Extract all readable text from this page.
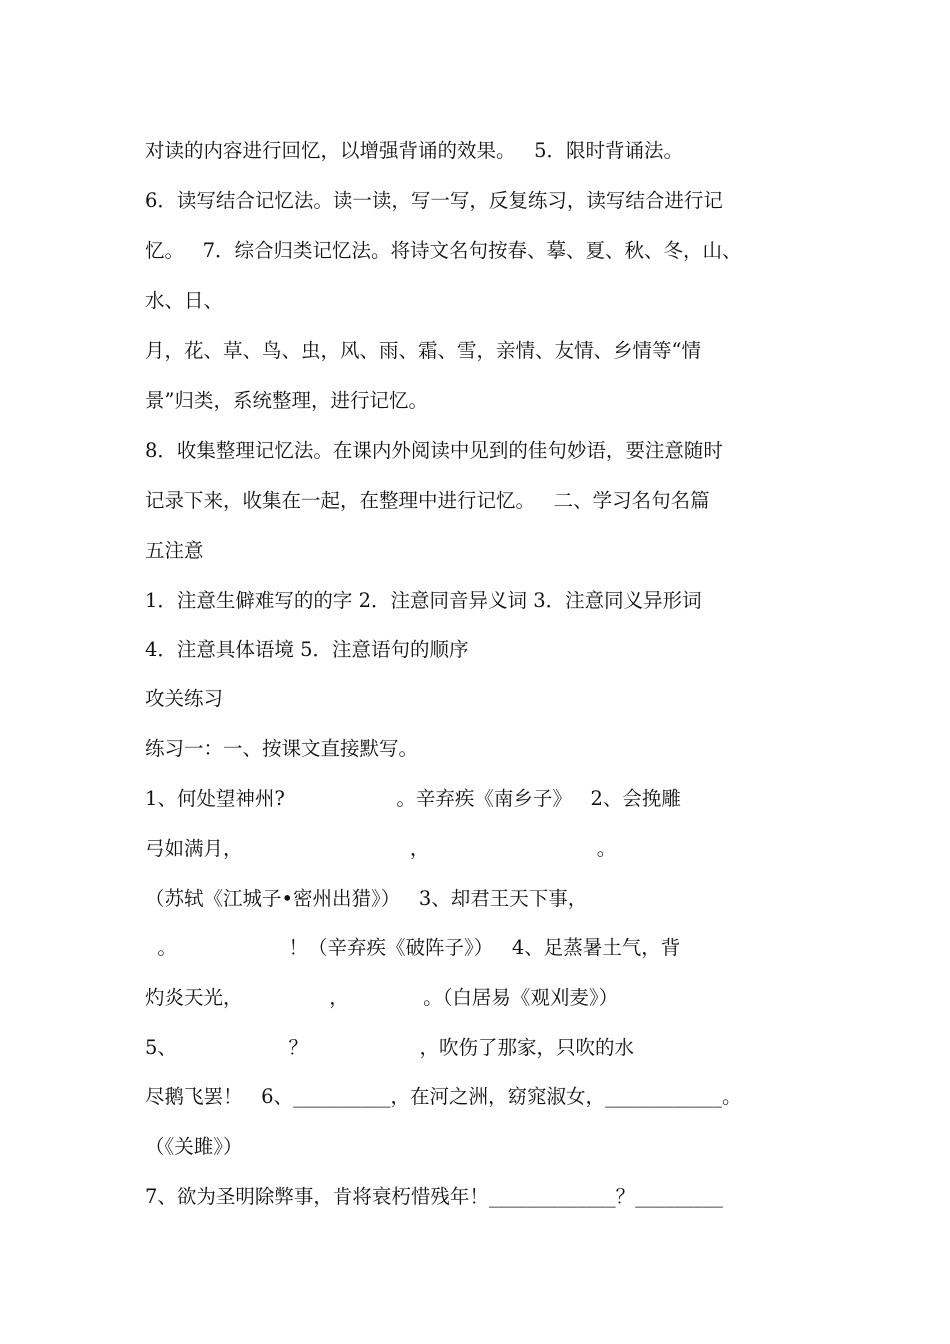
对读的内容进行回忆，以增强背诵的效果。   5．限时背诵法。
6．读写结合记忆法。读一读，写一写，反复练习，读写结合进行记
忆。   7．综合归类记忆法。将诗文名句按春、摹、夏、秋、冬，山、
水、日、
月，花、草、鸟、虫，风、雨、霜、雪，亲情、友情、乡情等“情
景”归类，系统整理，进行记忆。
8．收集整理记忆法。在课内外阅读中见到的佳句妙语，要注意随时
记录下来，收集在一起，在整理中进行记忆。   二、学习名句名篇
五注意
1．注意生僻难写的的字 2．注意同音异义词 3．注意同义异形词
4．注意具体语境 5．注意语句的顺序
攻关练习
练习一：一、按课文直接默写。
1、何处望神州?                  。辛弃疾《南乡子》   2、会挽雕
弓如满月，                           ，                           。
（苏轼《江城子•密州出猎》）   3、却君王天下事，
。                  ！（辛弃疾《破阵子》）   4、足蒸暑土气，背
灼炎天光，              ，            。（白居易《观刈麦》）
5、                  ？                  ，吹伤了那家，只吹的水
尽鹅飞罢！   6、__________，在河之洲，窈窕淑女，____________。
（《关雎》）
7、欲为圣明除弊事，肯将衰朽惜残年！_____________？_________
